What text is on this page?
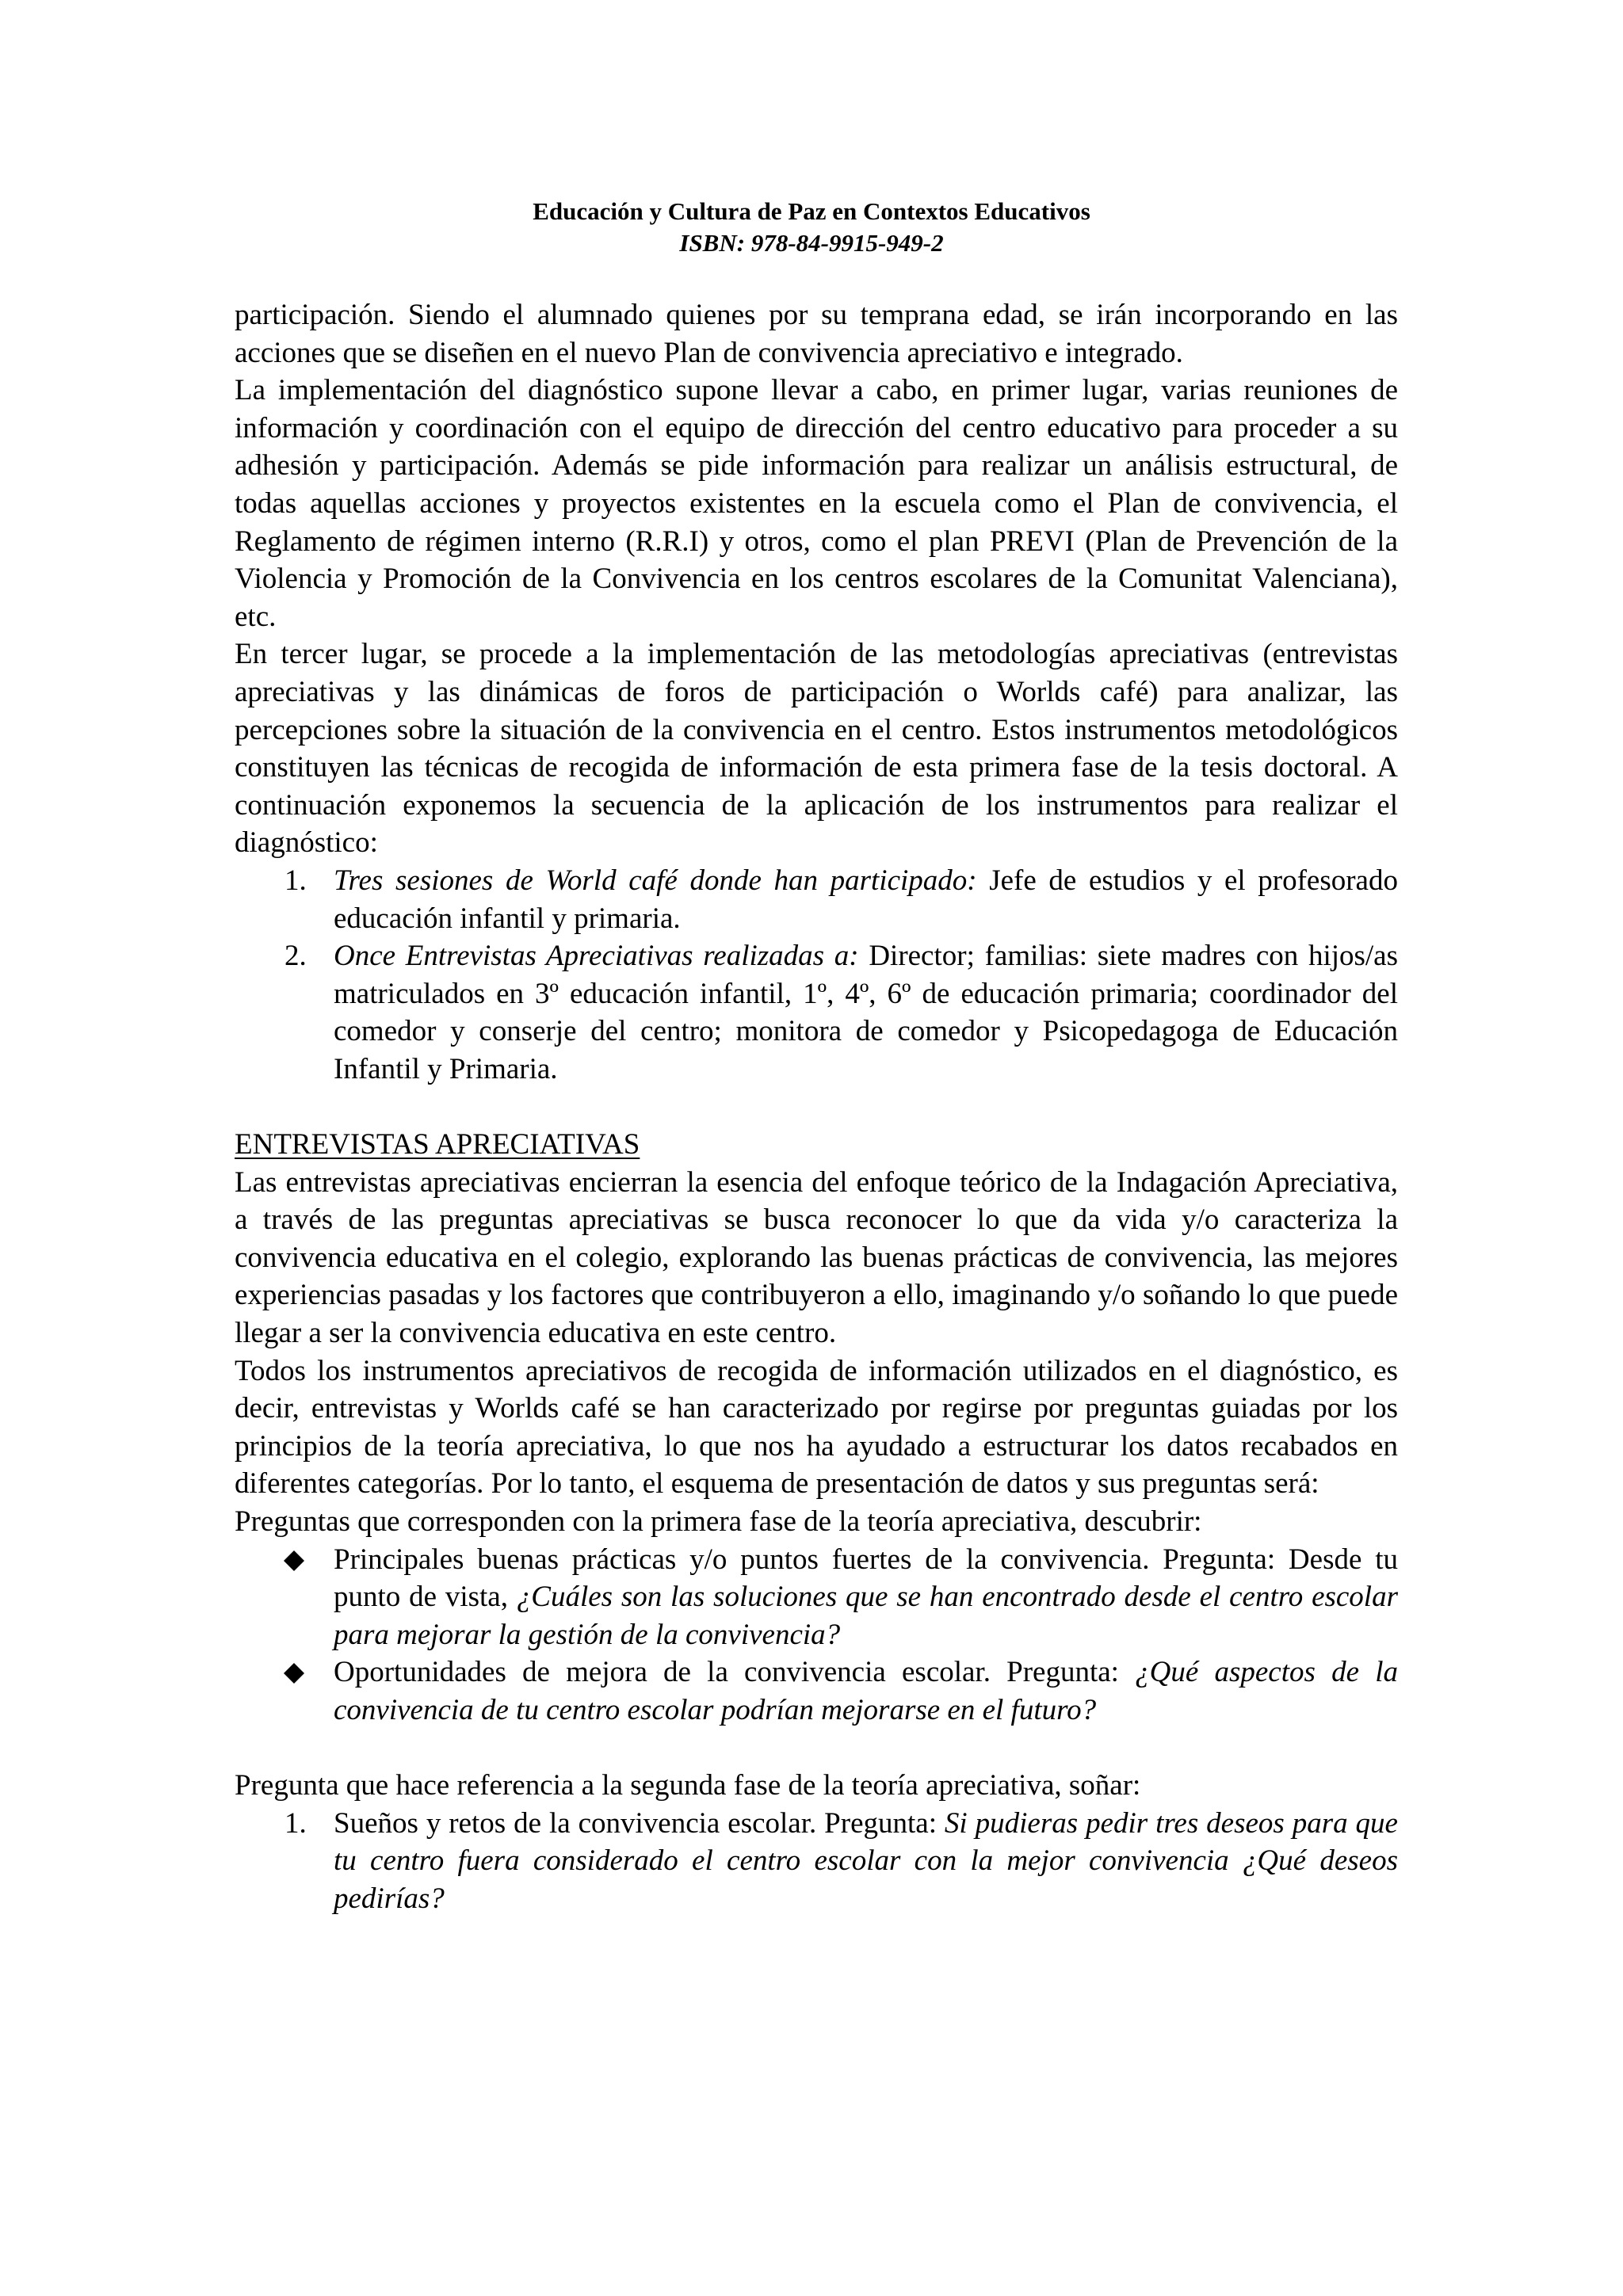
Educación y Cultura de Paz en Contextos Educativos
ISBN: 978-84-9915-949-2

participación. Siendo el alumnado quienes por su temprana edad, se irán incorporando en las acciones que se diseñen en el nuevo Plan de convivencia apreciativo e integrado.

La implementación del diagnóstico supone llevar a cabo, en primer lugar, varias reuniones de información y coordinación con el equipo de dirección del centro educativo para proceder a su adhesión y participación. Además se pide información para realizar un análisis estructural, de todas aquellas acciones y proyectos existentes en la escuela como el Plan de convivencia, el Reglamento de régimen interno (R.R.I) y otros, como el plan PREVI (Plan de Prevención de la Violencia y Promoción de la Convivencia en los centros escolares de la Comunitat Valenciana), etc.

En tercer lugar, se procede a la implementación de las metodologías apreciativas (entrevistas apreciativas y las dinámicas de foros de participación o Worlds café) para analizar, las percepciones sobre la situación de la convivencia en el centro. Estos instrumentos metodológicos constituyen las técnicas de recogida de información de esta primera fase de la tesis doctoral. A continuación exponemos la secuencia de la aplicación de los instrumentos para realizar el diagnóstico:

1. Tres sesiones de World café donde han participado: Jefe de estudios y el profesorado educación infantil y primaria.
2. Once Entrevistas Apreciativas realizadas a: Director; familias: siete madres con hijos/as matriculados en 3º educación infantil, 1º, 4º, 6º de educación primaria; coordinador del comedor y conserje del centro; monitora de comedor y Psicopedagoga de Educación Infantil y Primaria.

ENTREVISTAS APRECIATIVAS

Las entrevistas apreciativas encierran la esencia del enfoque teórico de la Indagación Apreciativa, a través de las preguntas apreciativas se busca reconocer lo que da vida y/o caracteriza la convivencia educativa en el colegio, explorando las buenas prácticas de convivencia, las mejores experiencias pasadas y los factores que contribuyeron a ello, imaginando y/o soñando lo que puede llegar a ser la convivencia educativa en este centro.

Todos los instrumentos apreciativos de recogida de información utilizados en el diagnóstico, es decir, entrevistas y Worlds café se han caracterizado por regirse por preguntas guiadas por los principios de la teoría apreciativa, lo que nos ha ayudado a estructurar los datos recabados en diferentes categorías. Por lo tanto, el esquema de presentación de datos y sus preguntas será:

Preguntas que corresponden con la primera fase de la teoría apreciativa, descubrir:

Principales buenas prácticas y/o puntos fuertes de la convivencia. Pregunta: Desde tu punto de vista, ¿Cuáles son las soluciones que se han encontrado desde el centro escolar para mejorar la gestión de la convivencia?
Oportunidades de mejora de la convivencia escolar. Pregunta: ¿Qué aspectos de la convivencia de tu centro escolar podrían mejorarse en el futuro?

Pregunta que hace referencia a la segunda fase de la teoría apreciativa, soñar:

1. Sueños y retos de la convivencia escolar. Pregunta: Si pudieras pedir tres deseos para que tu centro fuera considerado el centro escolar con la mejor convivencia ¿Qué deseos pedirías?
